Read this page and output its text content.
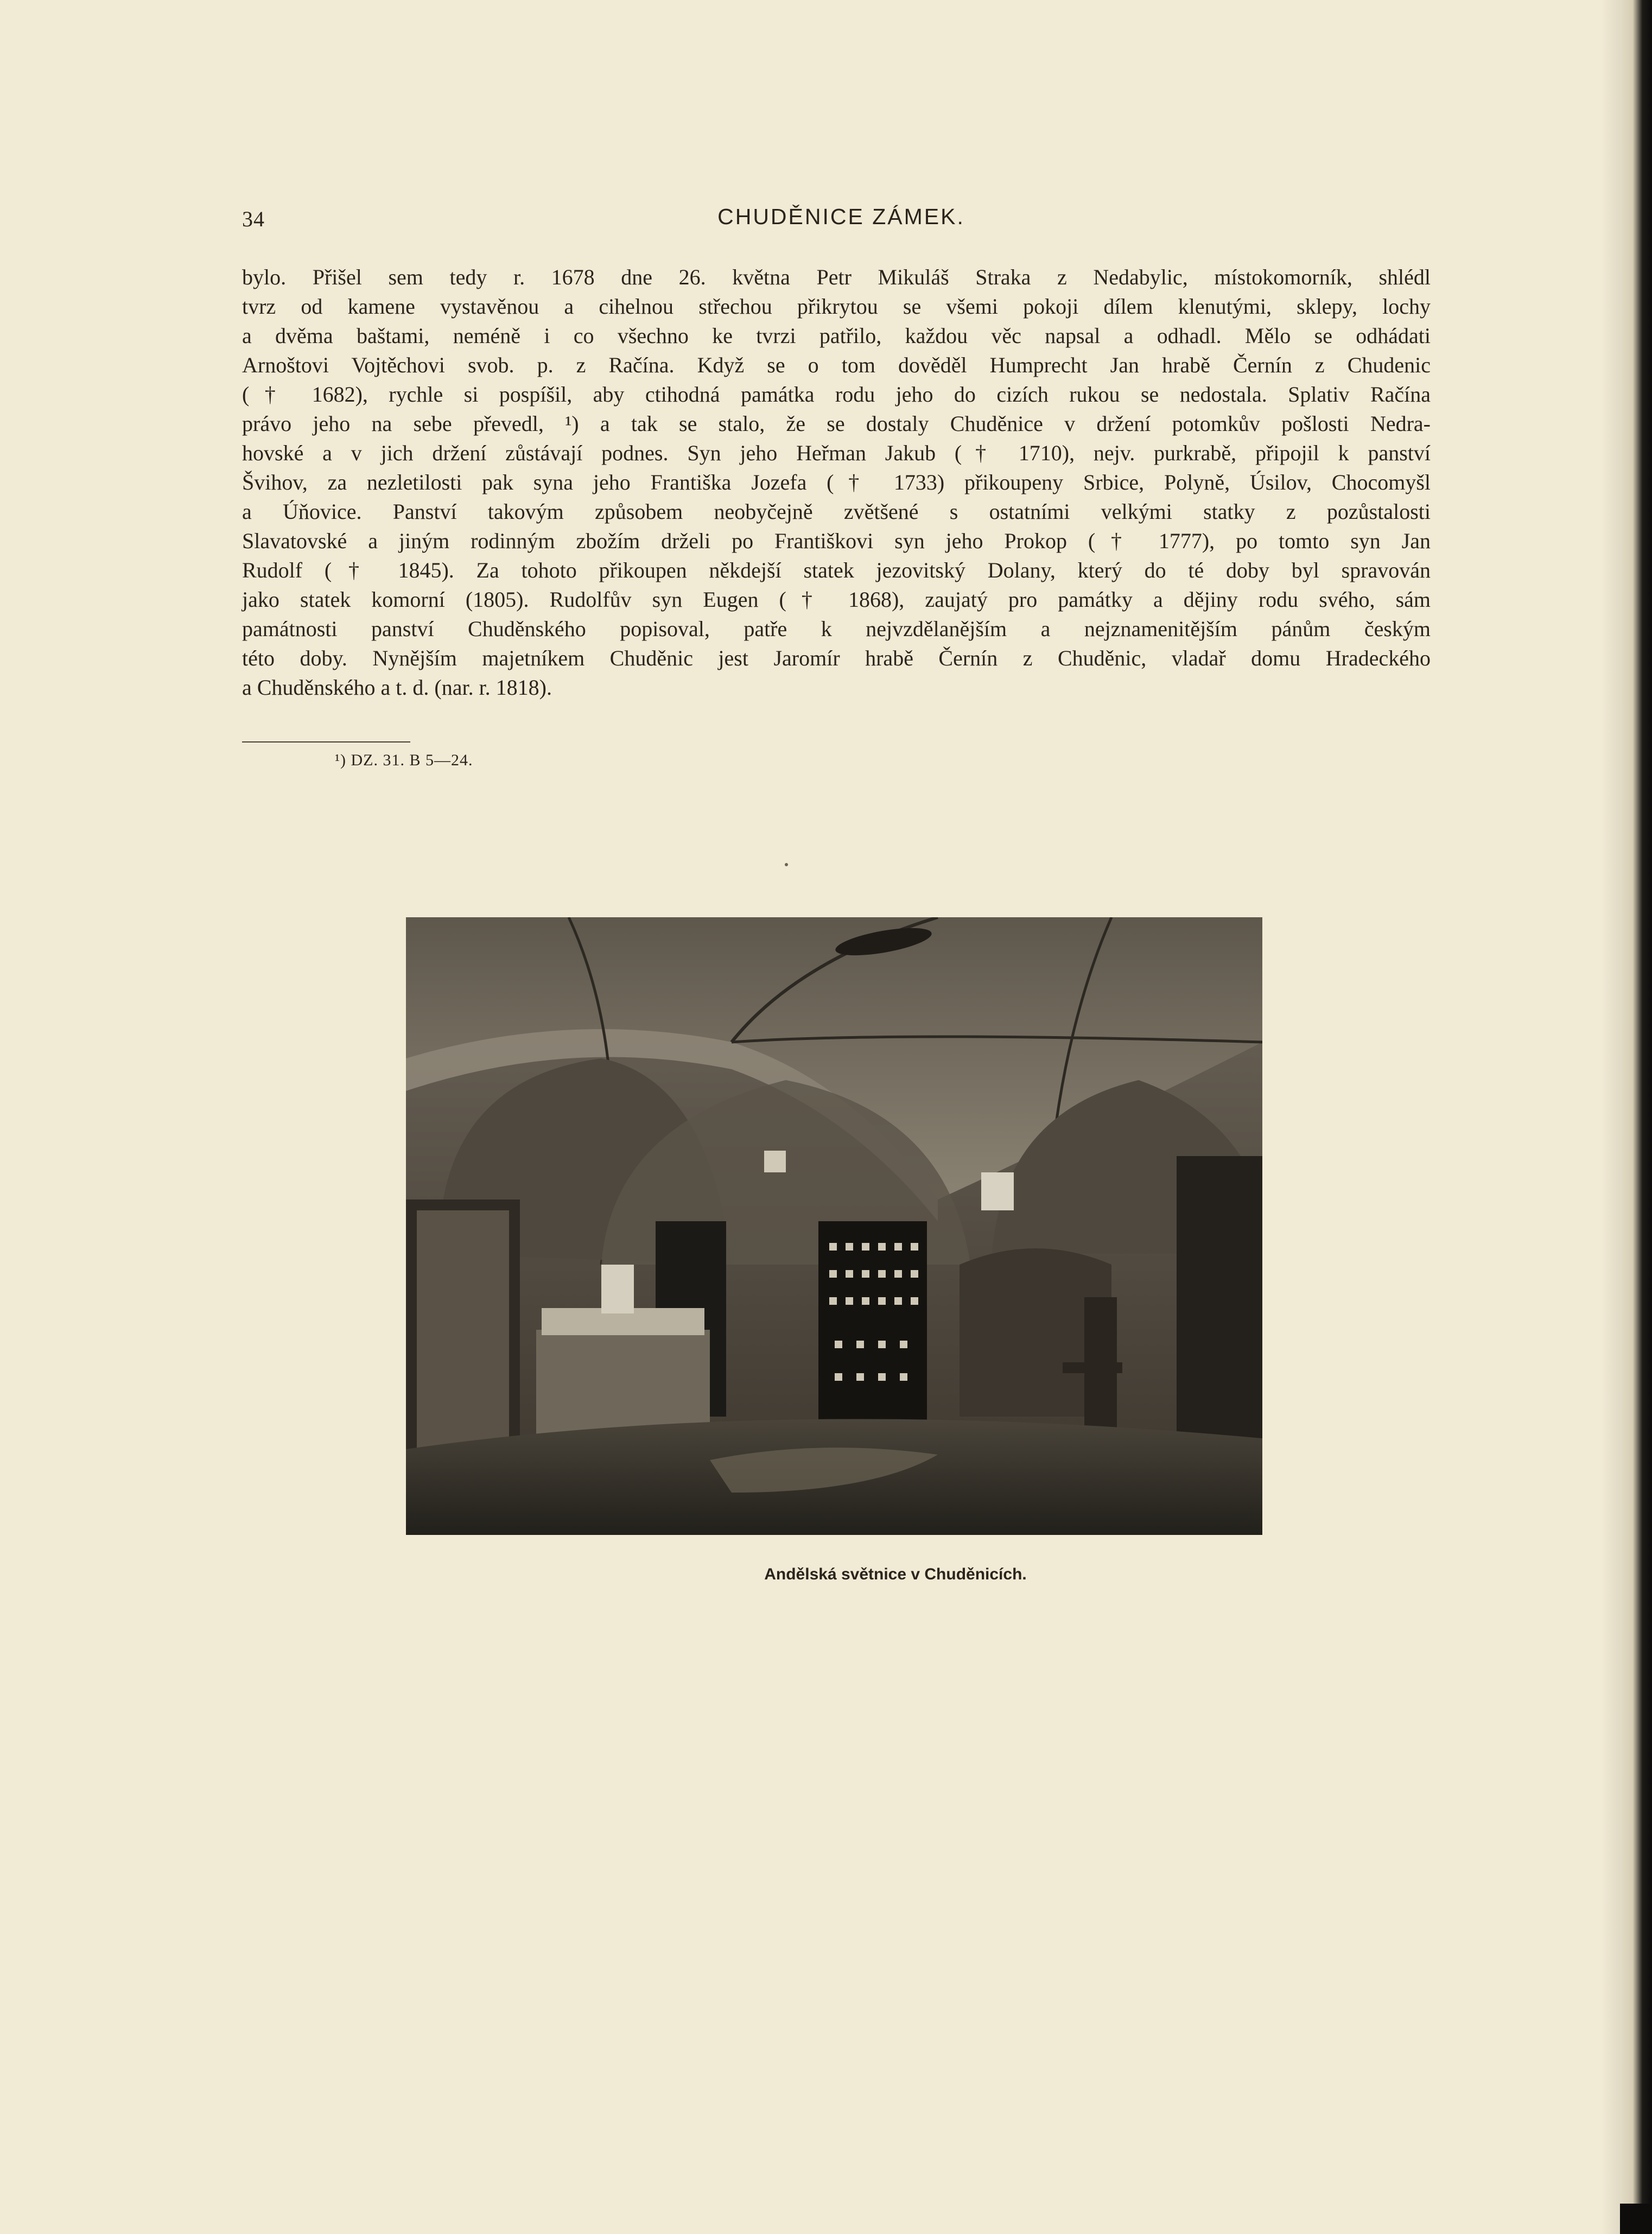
34	CHUDĚNICE ZÁMEK.
bylo. Přišel sem tedy r. 1678 dne 26. května Petr Mikuláš Straka z Nedabylic, místokomorník, shlédl
tvrz od kamene vystavěnou a cihelnou střechou přikrytou se všemi pokoji dílem klenutými, sklepy, lochy
a dvěma baštami, neméně i co všechno ke tvrzi patřilo, každou věc napsal a odhadl. Mělo se odhádati
Arnoštovi Vojtěchovi svob. p. z Račína. Když se o tom dověděl Humprecht Jan hrabě Černín z Chudenic
(† 1682), rychle si pospíšil, aby ctihodná památka rodu jeho do cizích rukou se nedostala. Splativ Račína
právo jeho na sebe převedl, ¹) a tak se stalo, že se dostaly Chuděnice v držení potomkův pošlosti Nedra-
hovské a v jich držení zůstávají podnes. Syn jeho Heřman Jakub († 1710), nejv. purkrabě, připojil k panství
Švihov, za nezletilosti pak syna jeho Františka Jozefa († 1733) přikoupeny Srbice, Polyně, Úsilov, Chocomyšl
a Úňovice. Panství takovým způsobem neobyčejně zvětšené s ostatními velkými statky z pozůstalosti
Slavatovské a jiným rodinným zbožím drželi po Františkovi syn jeho Prokop († 1777), po tomto syn Jan
Rudolf († 1845). Za tohoto přikoupen někdejší statek jezovitský Dolany, který do té doby byl spravován
jako statek komorní (1805). Rudolfův syn Eugen († 1868), zaujatý pro památky a dějiny rodu svého, sám
památnosti panství Chuděnského popisoval, patře k nejvzdělanějším a nejznamenitějším pánům českým
této doby. Nynějším majetníkem Chuděnic jest Jaromír hrabě Černín z Chuděnic, vladař domu Hradeckého
a Chuděnského a t. d. (nar. r. 1818).
¹) DZ. 31. B 5—24.
Andělská světnice v Chuděnicích.
